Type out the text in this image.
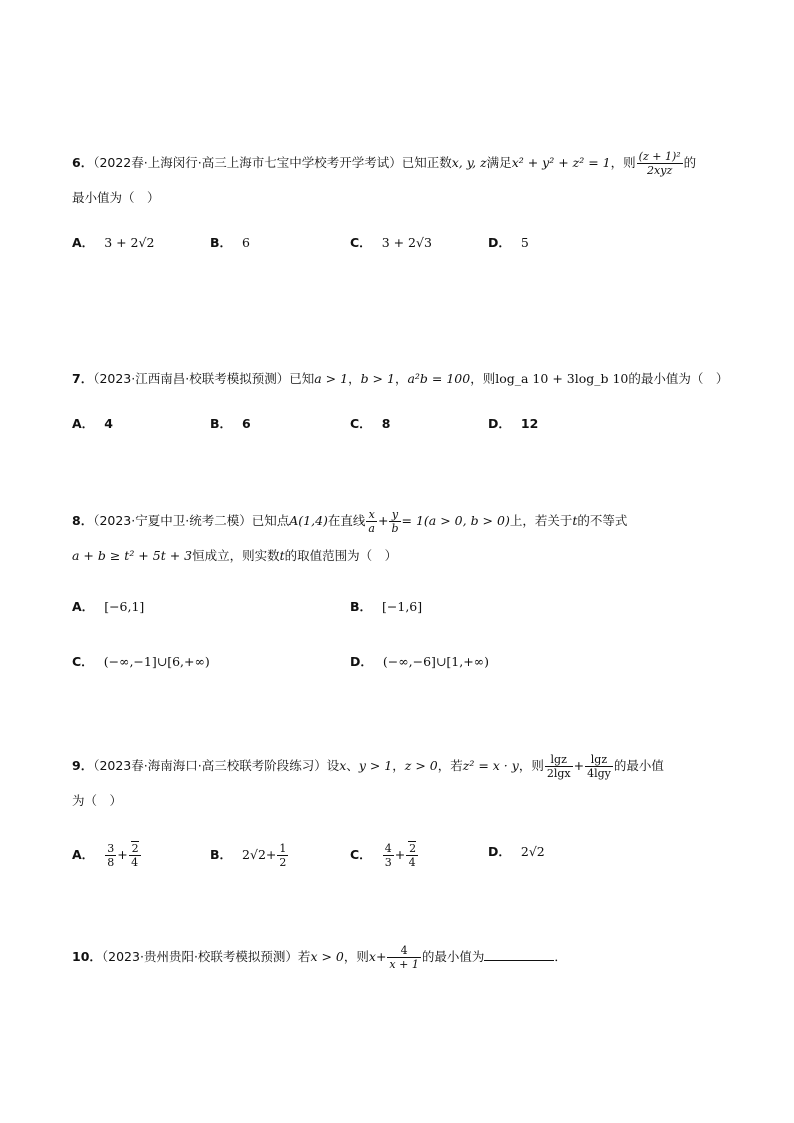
6．（2022春·上海闵行·高三上海市七宝中学校考开学考试）已知正数x, y, z满足x² + y² + z² = 1，则 $\frac{\text{(z + 1)²}}{\text{2xyz}}$ 的
最小值为（　）
A． 3 + 2√2	B． 6	C． 3 + 2√3	D． 5
7．（2023·江西南昌·校联考模拟预测）已知a > 1，b > 1，a²b = 100，则log_a 10 + 3log_b 10的最小值为（　）
A． 4	B． 6	C． 8	D． 12
8．（2023·宁夏中卫·统考二模）已知点A(1,4)在直线 $\frac{x}{a} + \frac{y}{b} = 1(a > 0$, b > 0)上，若关于t的不等式
a + b ≥ t² + 5t + 3恒成立，则实数t的取值范围为（　）
A． [−6,1]	B． [−1,6]
C． (−∞,−1]∪[6,+∞)	D． (−∞,−6]∪[1,+∞)
9．（2023春·海南海口·高三校联考阶段练习）设x、y > 1，z > 0，若z² = x · y，则 $\frac{\lg z}{2\lg x} + \frac{\lg z}{4\lg y}$ 的最小值
为（　）
A． $\frac{3}{8} + \frac{2}{4}$	B． $2√2+ \frac{1}{2}$	C． $\frac{4}{3} + \frac{2}{4}$	D． 2√2
10．（2023·贵州贵阳·校联考模拟预测）若x > 0，则$x+ \frac{4}{x + 1}$ 的最小值为	．
